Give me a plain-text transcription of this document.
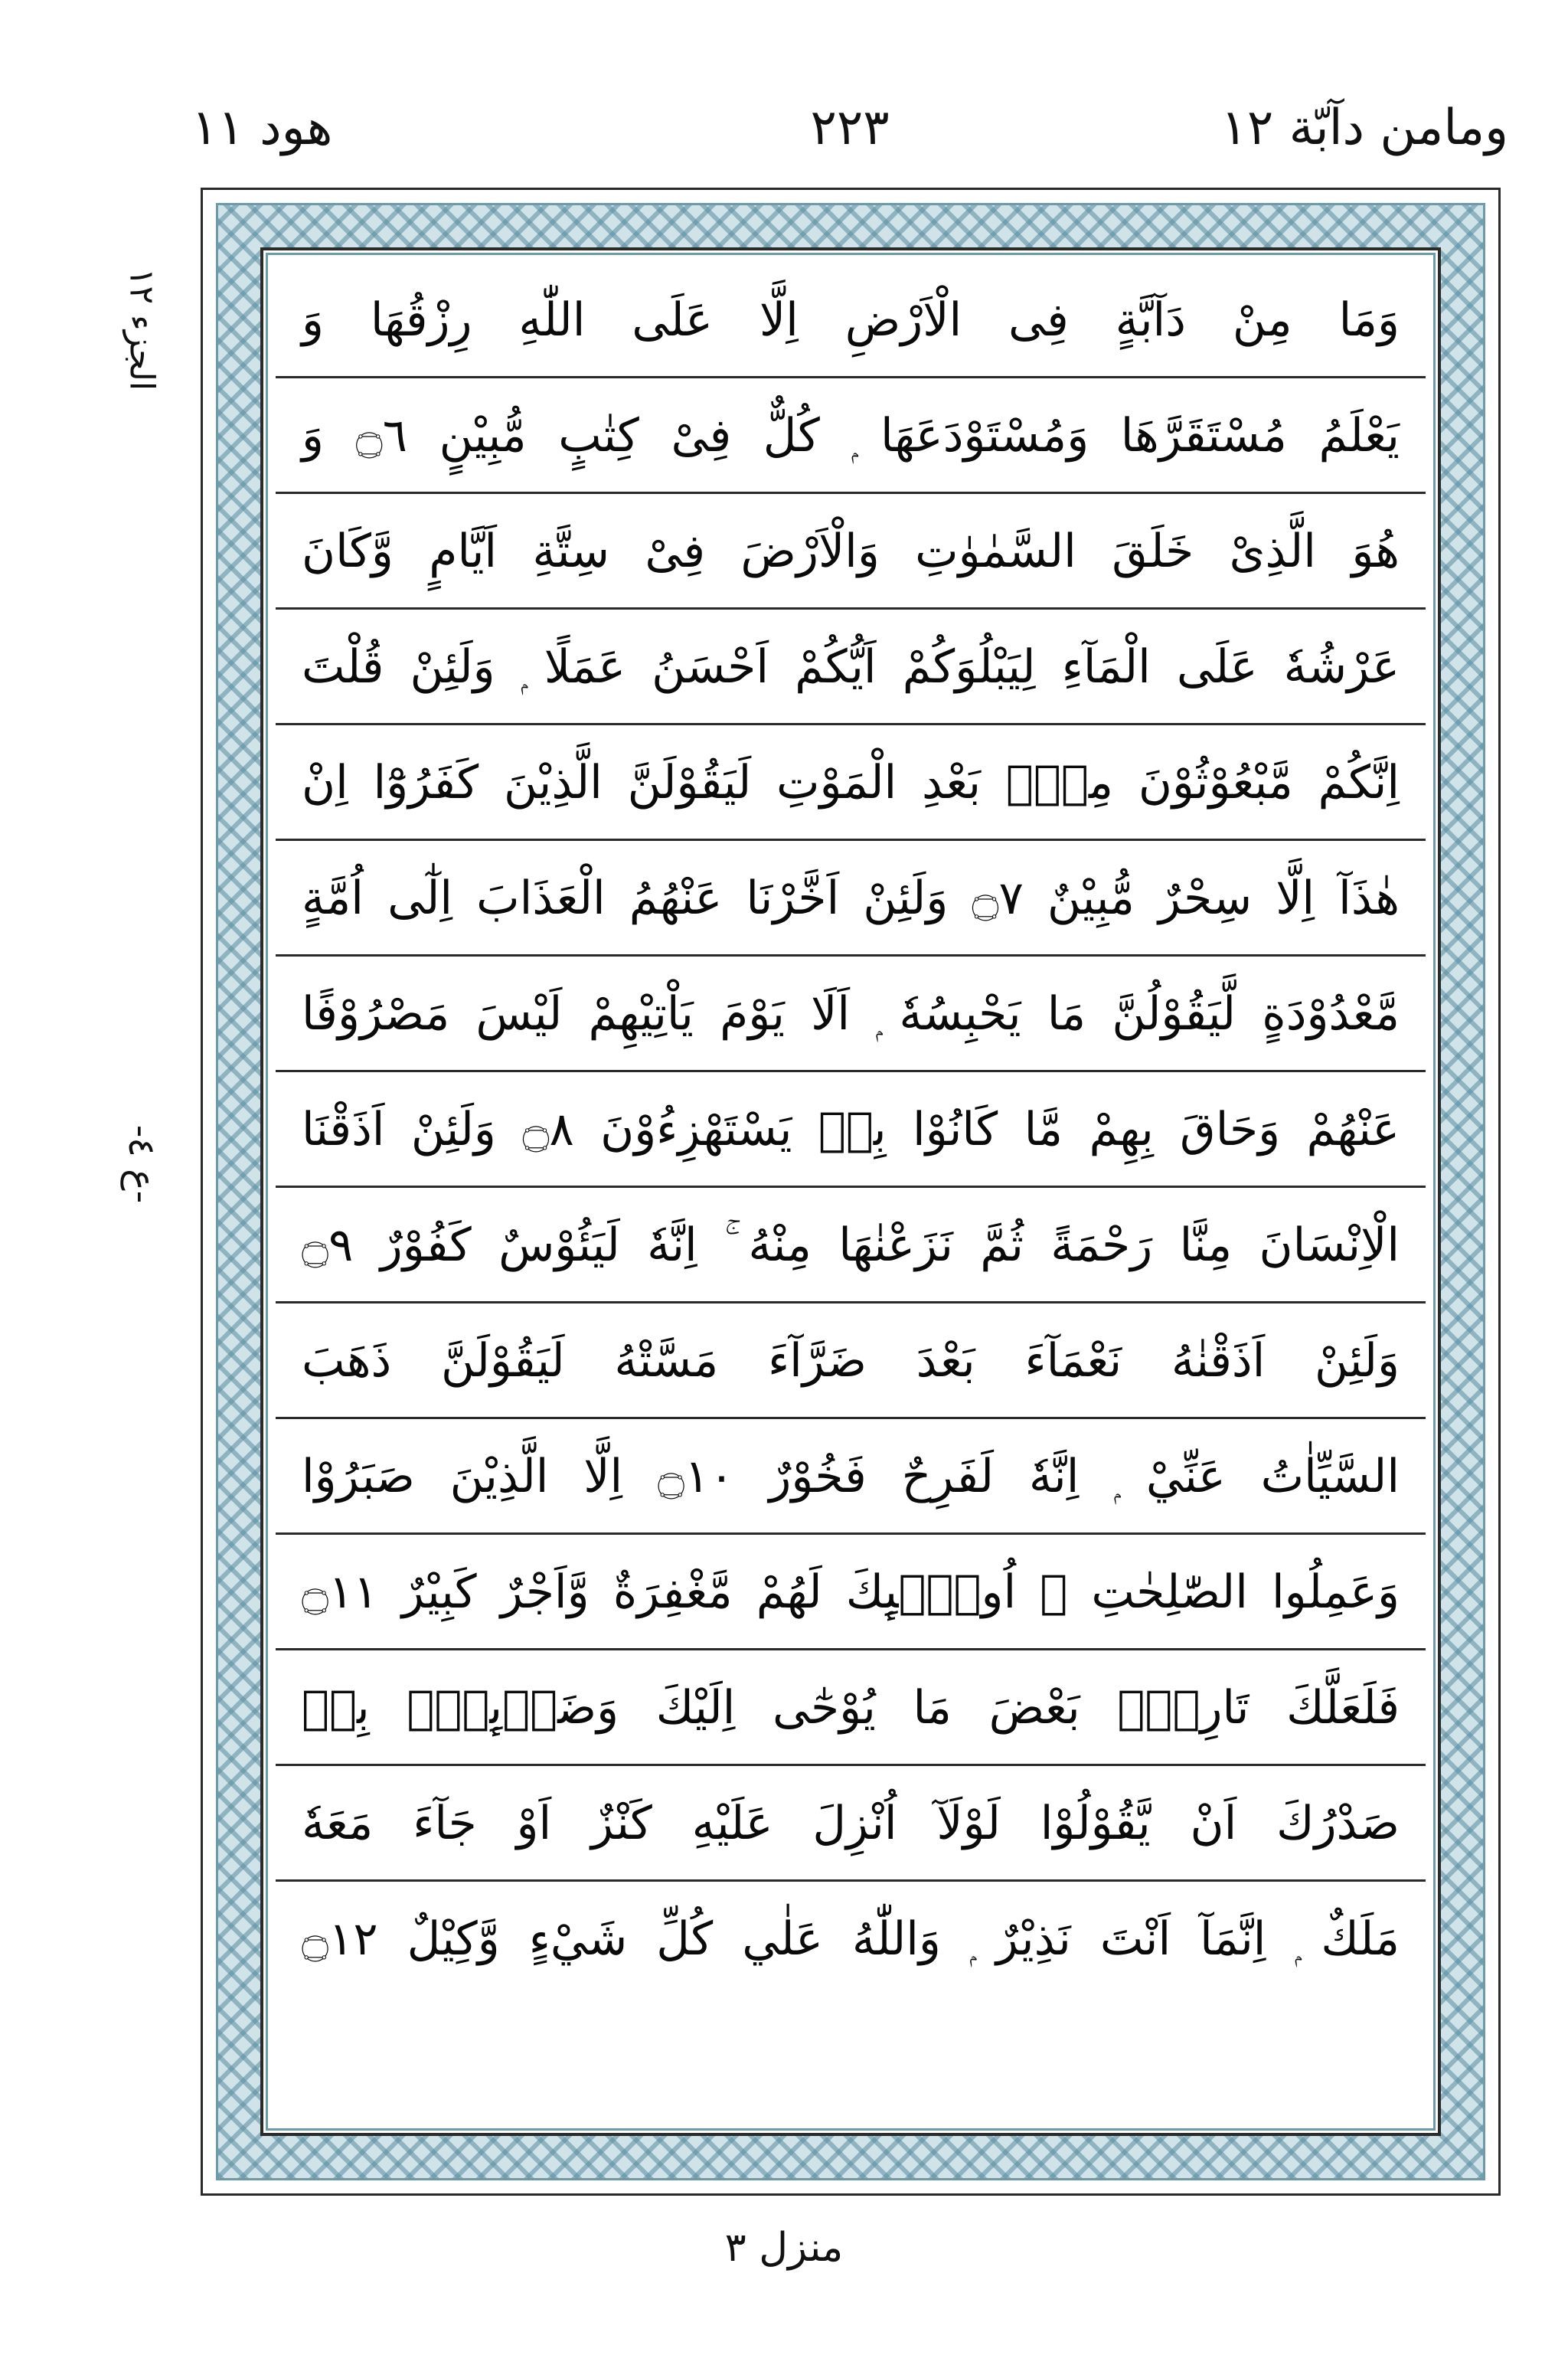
هود ١١	٢٢٣	ومامن دآبّة ١٢
الجزء ١٢
-ع ٤-
وَمَا مِنْ دَآبَّةٍ فِى الْاَرْضِ اِلَّا عَلَى اللّٰهِ رِزْقُهَا وَ
يَعْلَمُ مُسْتَقَرَّهَا وَمُسْتَوْدَعَهَا ۭ كُلٌّ فِىْ كِتٰبٍ مُّبِيْنٍ ۝٦ وَ
هُوَ الَّذِىْ خَلَقَ السَّمٰوٰتِ وَالْاَرْضَ فِىْ سِتَّةِ اَيَّامٍ وَّكَانَ
عَرْشُهٗ عَلَى الْمَآءِ لِيَبْلُوَكُمْ اَيُّكُمْ اَحْسَنُ عَمَلًا ۭ وَلَئِنْ قُلْتَ
اِنَّكُمْ مَّبْعُوْثُوْنَ مِنْۢ بَعْدِ الْمَوْتِ لَيَقُوْلَنَّ الَّذِيْنَ كَفَرُوْٓا اِنْ
هٰذَآ اِلَّا سِحْرٌ مُّبِيْنٌ ۝٧ وَلَئِنْ اَخَّرْنَا عَنْهُمُ الْعَذَابَ اِلٰٓى اُمَّةٍ
مَّعْدُوْدَةٍ لَّيَقُوْلُنَّ مَا يَحْبِسُهٗ ۭ اَلَا يَوْمَ يَاْتِيْهِمْ لَيْسَ مَصْرُوْفًا
عَنْهُمْ وَحَاقَ بِهِمْ مَّا كَانُوْا بِهٖ يَسْتَهْزِءُوْنَ ۝٨ وَلَئِنْ اَذَقْنَا
الْاِنْسَانَ مِنَّا رَحْمَةً ثُمَّ نَزَعْنٰهَا مِنْهُ ۚ اِنَّهٗ لَيَئُوْسٌ كَفُوْرٌ ۝٩
وَلَئِنْ اَذَقْنٰهُ نَعْمَآءَ بَعْدَ ضَرَّآءَ مَسَّتْهُ لَيَقُوْلَنَّ ذَهَبَ
السَّيِّاٰتُ عَنِّيْ ۭ اِنَّهٗ لَفَرِحٌ فَخُوْرٌ ۝١٠ اِلَّا الَّذِيْنَ صَبَرُوْا
وَعَمِلُوا الصّٰلِحٰتِ ۭ اُولٰۗىِٕكَ لَهُمْ مَّغْفِرَةٌ وَّاَجْرٌ كَبِيْرٌ ۝١١
فَلَعَلَّكَ تَارِكٌۢ بَعْضَ مَا يُوْحٰٓى اِلَيْكَ وَضَاۗىِٕقٌۢ بِهٖ
صَدْرُكَ اَنْ يَّقُوْلُوْا لَوْلَآ اُنْزِلَ عَلَيْهِ كَنْزٌ اَوْ جَآءَ مَعَهٗ
مَلَكٌ ۭ اِنَّمَآ اَنْتَ نَذِيْرٌ ۭ وَاللّٰهُ عَلٰي كُلِّ شَيْءٍ وَّكِيْلٌ ۝١٢
منزل ٣
